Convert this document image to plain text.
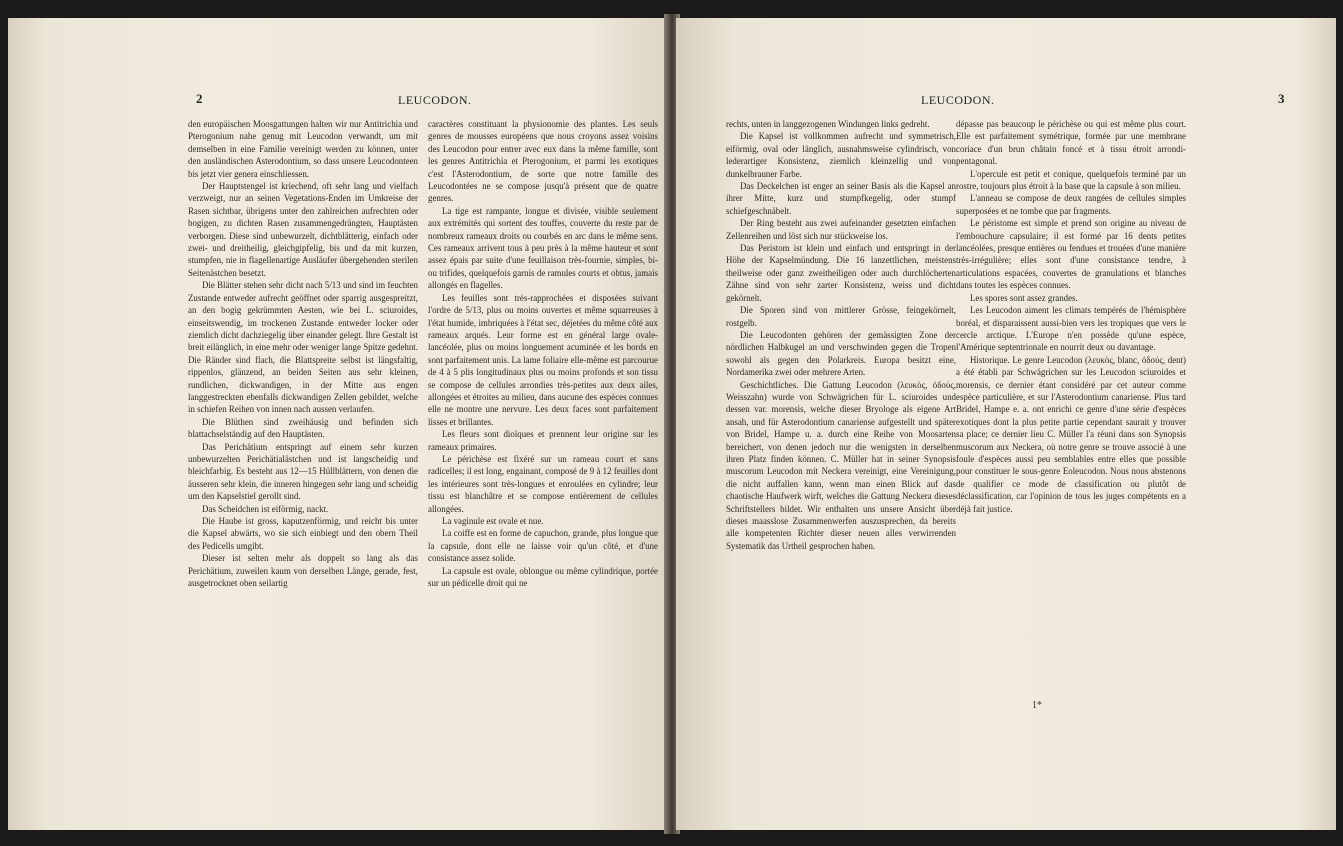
2	LEUCODON.

den europäischen Moosgattungen halten wir nur Antitrichia und Pterogonium nahe genug mit Leucodon verwandt, um mit demselben in eine Familie vereinigt werden zu können, unter den ausländischen Asterodontium, so dass unsere Leucodonteen bis jetzt vier genera einschliessen.

Der Hauptstengel ist kriechend, oft sehr lang und vielfach verzweigt, nur an seinen Vegetations-Enden im Umkreise der Rasen sichtbar, übrigens unter den zahlreichen aufrechten oder bogigen, zu dichten Rasen zusammengedrängten, Hauptästen verborgen. Diese sind unbewurzelt, dichtblätterig, einfach oder zwei- und dreitheilig, gleichgipfelig, bis und da mit kurzen, stumpfen, nie in flagellenartige Ausläufer übergehenden sterilen Seitenästchen besetzt.

Die Blätter stehen sehr dicht nach 5/13 und sind im feuchten Zustande entweder aufrecht geöffnet oder sparrig ausgespreitzt, an den bogig gekrümmten Aesten, wie bei L. sciuroides, einseitswendig, im trockenen Zustande entweder locker oder ziemlich dicht dachziegelig über einander gelegt. Ihre Gestalt ist breit eilänglich, in eine mehr oder weniger lange Spitze gedehnt. Die Ränder sind flach, die Blattspreite selbst ist längsfaltig, rippenlos, glänzend, an beiden Seiten aus sehr kleinen, rundlichen, dickwandigen, in der Mitte aus engen langgestreckten ebenfalls dickwandigen Zellen gebildet, welche in schiefen Reihen von innen nach aussen verlaufen.

Die Blüthen sind zweihäusig und befinden sich blattachselständig auf den Hauptästen.

Das Perichätium entspringt auf einem sehr kurzen unbewurzelten Perichätialästchen und ist langscheidig und bleichfarbig. Es besteht aus 12—15 Hüllblättern, von denen die äusseren sehr klein, die inneren hingegen sehr lang und scheidig um den Kapselstiel gerollt sind.

Das Scheidchen ist eiförmig, nackt.

Die Haube ist gross, kaputzenförmig, und reicht bis unter die Kapsel abwärts, wo sie sich einbiegt und den obern Theil des Pedicells umgibt.

Dieser ist selten mehr als doppelt so lang als das Perichätium, zuweilen kaum von derselben Länge, gerade, fest, ausgetrocknet oben seilartig

caractères constituant la physionomie des plantes. Les seuls genres de mousses européens que nous croyons assez voisins des Leucodon pour entrer avec eux dans la même famille, sont les genres Antitrichia et Pterogonium, et parmi les exotiques c'est l'Asterodontium, de sorte que notre famille des Leucodontées ne se compose jusqu'à présent que de quatre genres.

La tige est rampante, longue et divisée, visible seulement aux extrémités qui sortent des touffes, couverte du reste par de nombreux rameaux droits ou courbés en arc dans le même sens. Ces rameaux arrivent tous à peu près à la même hauteur et sont assez épais par suite d'une feuillaison très-fournie, simples, bi- ou trifides, quelquefois garnis de ramules courts et obtus, jamais allongés en flagelles.

Les feuilles sont très-rapprochées et disposées suivant l'ordre de 5/13, plus ou moins ouvertes et même squarreuses à l'état humide, imbriquées à l'état sec, déjetées du même côté aux rameaux arqués. Leur forme est en général large ovale-lancéolée, plus ou moins longuement acuminée et les bords en sont parfaitement unis. La lame foliaire elle-même est parcourue de 4 à 5 plis longitudinaux plus ou moins profonds et son tissu se compose de cellules arrondies très-petites aux deux ailes, allongées et étroites au milieu, dans aucune des espèces connues elle ne montre une nervure. Les deux faces sont parfaitement lisses et brillantes.

Les fleurs sont dioïques et prennent leur origine sur les rameaux primaires.

Le périchèse est fixéré sur un rameau court et sans radicelles; il est long, engainant, composé de 9 à 12 feuilles dont les intérieures sont très-longues et enroulées en cylindre; leur tissu est blanchâtre et se compose entièrement de cellules allongées.

La vaginule est ovale et nue.

La coiffe est en forme de capuchon, grande, plus longue que la capsule, dont elle ne laisse voir qu'un côté, et d'une consistance assez solide.

La capsule est ovale, oblongue ou même cylindrique, portée sur un pédicelle droit qui ne

LEUCODON.	3

rechts, unten in langgezogenen Windungen links gedreht.

Die Kapsel ist vollkommen aufrecht und symmetrisch, eiförmig, oval oder länglich, ausnahmsweise cylindrisch, von lederartiger Konsistenz, ziemlich kleinzellig und von dunkelbrauner Farbe.

Das Deckelchen ist enger an seiner Basis als die Kapsel an ihrer Mitte, kurz und stumpfkegelig, oder stumpf schiefgeschnäbelt.

Der Ring besteht aus zwei aufeinander gesetzten einfachen Zellenreihen und löst sich nur stückweise los.

Das Peristom ist klein und einfach und entspringt in der Höhe der Kapselmündung. Die 16 lanzettlichen, meistens theilweise oder ganz zweitheiligen oder auch durchlöcherten Zähne sind von sehr zarter Konsistenz, weiss und dicht gekörnelt.

Die Sporen sind von mittlerer Grösse, feingekörnelt, rostgelb.

Die Leucodonten gehören der gemässigten Zone der nördlichen Halbkugel an und verschwinden gegen die Tropen sowohl als gegen den Polarkreis. Europa besitzt eine, Nordamerika zwei oder mehrere Arten.

Geschichtliches. Die Gattung Leucodon (λευκὸς, ὀδούς, Weisszahn) wurde von Schwägrichen für L. sciuroides und dessen var. morensis, welche dieser Bryologe als eigene Art ansah, und für Asterodontium canariense aufgestellt und später von Bridel, Hampe u. a. durch eine Reihe von Moosarten bereichert, von denen jedoch nur die wenigsten in derselben ihren Platz finden können. C. Müller hat in seiner Synopsis muscorum Leucodon mit Neckera vereinigt, eine Vereinigung, die nicht auffallen kann, wenn man einen Blick auf das chaotische Haufwerk wirft, welches die Gattung Neckera dieses Schriftstellers bildet. Wir enthalten uns unsere Ansicht über dieses maasslose Zusammenwerfen auszusprechen, da bereits alle kompetenten Richter dieser neuen alles verwirrenden Systematik das Urtheil gesprochen haben.

dépasse pas beaucoup le périchèse ou qui est même plus court. Elle est parfaitement symétrique, formée par une membrane coriace d'un brun châtain foncé et à tissu étroit arrondi-pentagonal.

L'opercule est petit et conique, quelquefois terminé par un rostre, toujours plus étroit à la base que la capsule à son milieu.

L'anneau se compose de deux rangées de cellules simples superposées et ne tombe que par fragments.

Le péristome est simple et prend son origine au niveau de l'embouchure capsulaire; il est formé par 16 dents petites lancéolées, presque entières ou fendues et trouées d'une manière très-irrégulière; elles sont d'une consistance tendre, à articulations espacées, couvertes de granulations et blanches dans toutes les espèces connues.

Les spores sont assez grandes.

Les Leucodon aiment les climats tempérés de l'hémisphère boréal, et disparaissent aussi-bien vers les tropiques que vers le cercle arctique. L'Europe n'en possède qu'une espèce, l'Amérique septentrionale en nourrit deux ou davantage.

Historique. Le genre Leucodon (λευκὸς, blanc, ὀδούς, dent) a été établi par Schwägrichen sur les Leucodon sciuroides et morensis, ce dernier étant considéré par cet auteur comme espèce particulière, et sur l'Asterodontium canariense. Plus tard Bridel, Hampe e. a. ont enrichi ce genre d'une série d'espèces exotiques dont la plus petite partie cependant saurait y trouver sa place; ce dernier lieu C. Müller l'a réuni dans son Synopsis muscorum aux Neckera, où notre genre se trouve associé à une foule d'espèces aussi peu semblables entre elles que possible pour constituer le sous-genre Eoleucodon. Nous nous abstenons de qualifier ce mode de classification ou plutôt de déclassification, car l'opinion de tous les juges compétents en a déjà fait justice.

1*
